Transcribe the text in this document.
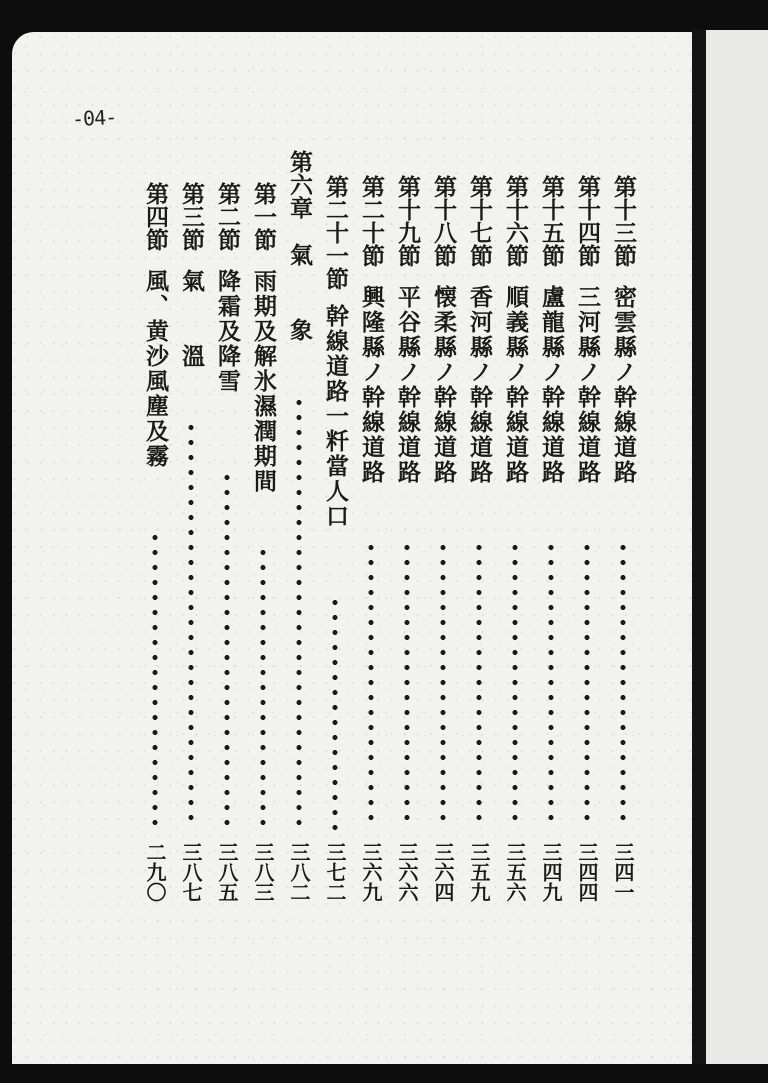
-04-
第十三節密雲縣ノ幹線道路
三四一
第十四節三河縣ノ幹線道路
三四四
第十五節盧龍縣ノ幹線道路
三四九
第十六節順義縣ノ幹線道路
三五六
第十七節香河縣ノ幹線道路
三五九
第十八節懐柔縣ノ幹線道路
三六四
第十九節平谷縣ノ幹線道路
三六六
第二十節興隆縣ノ幹線道路
三六九
第二十一節幹線道路一粁當人口
三七二
第六章氣　　象
三八二
第一節雨期及解氷濕潤期間
三八三
第二節降霜及降雪
三八五
第三節氣　　溫
三八七
第四節風、黄沙風塵及霧
二九〇
